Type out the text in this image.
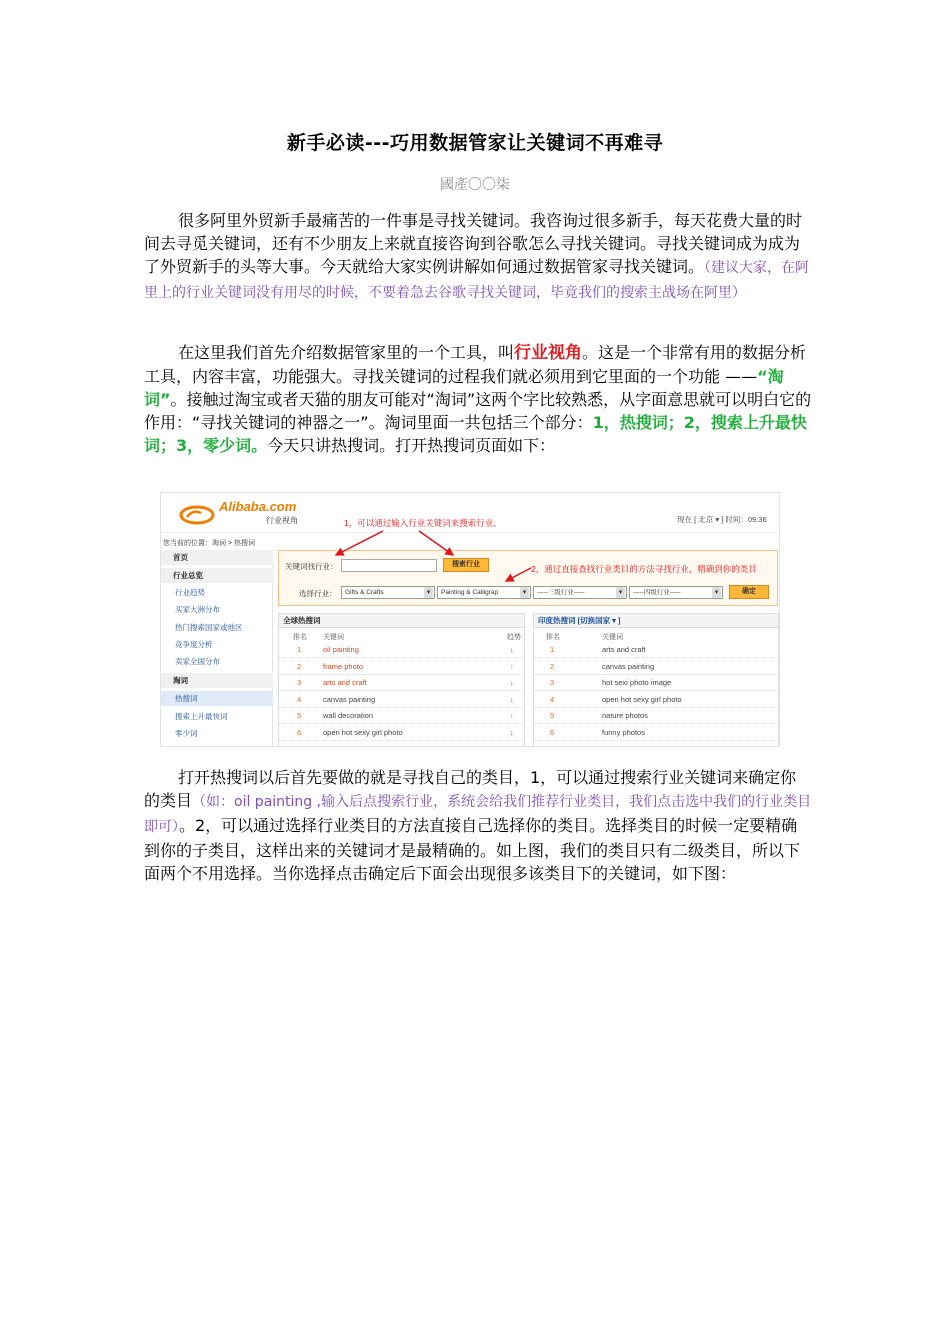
新手必读---巧用数据管家让关键词不再难寻
國產〇〇柒
很多阿里外贸新手最痛苦的一件事是寻找关键词。我咨询过很多新手，每天花费大量的时间去寻觅关键词，还有不少朋友上来就直接咨询到谷歌怎么寻找关键词。寻找关键词成为成为了外贸新手的头等大事。今天就给大家实例讲解如何通过数据管家寻找关键词。（建议大家，在阿里上的行业关键词没有用尽的时候，不要着急去谷歌寻找关键词，毕竟我们的搜索主战场在阿里）
在这里我们首先介绍数据管家里的一个工具，叫行业视角。这是一个非常有用的数据分析工具，内容丰富，功能强大。寻找关键词的过程我们就必须用到它里面的一个功能 ——“淘词”。接触过淘宝或者天猫的朋友可能对“淘词”这两个字比较熟悉，从字面意思就可以明白它的作用：“寻找关键词的神器之一”。淘词里面一共包括三个部分：1，热搜词；2，搜索上升最快词；3，零少词。今天只讲热搜词。打开热搜词页面如下：
Alibaba.com
行业视角	1，可以通过输入行业关键词来搜索行业。	现在 [ 北京 ▾ ] 时间：09:36
您当前的位置：淘词 > 热搜词
首页
行业总览
行业趋势
买家大洲分布
热门搜索国家或地区
竞争度分析
卖家全国分布
淘词
热搜词
搜索上升最快词
零少词
关键词找行业：	搜索行业	2，通过直接查找行业类目的方法寻找行业，精确到你的类目
选择行业：	Gifts & Crafts ▾	Painting & Calligrap ▾	-----三级行业----- ▾	-----四级行业----- ▾	确定
全球热搜词
排名 关键词	趋势
1	oil painting	↓
2	frame photo	↑
3	arts and craft	↓
4	canvas painting	↓
5	wall decoration	↑
6	open hot sexy girl photo	↓
印度热搜词 [切换国家 ▾ ]
排名	关键词
1	arts and craft
2	canvas painting
3	hot sexi photo image
4	open hot sexy girl photo
5	nature photos
6	funny photos
打开热搜词以后首先要做的就是寻找自己的类目，1，可以通过搜索行业关键词来确定你的类目（如：oil painting ,输入后点搜索行业，系统会给我们推荐行业类目，我们点击选中我们的行业类目即可）。2，可以通过选择行业类目的方法直接自己选择你的类目。选择类目的时候一定要精确到你的子类目，这样出来的关键词才是最精确的。如上图，我们的类目只有二级类目，所以下面两个不用选择。当你选择点击确定后下面会出现很多该类目下的关键词，如下图：
